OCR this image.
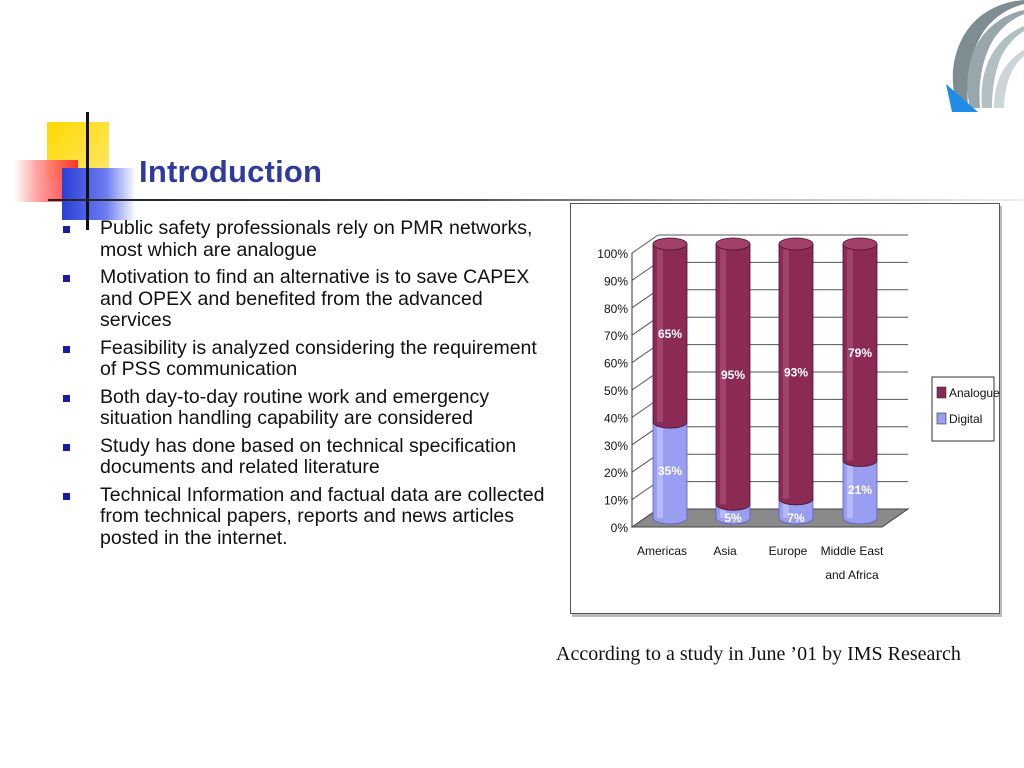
Introduction
Public safety professionals rely on PMR networks, most which are analogue
Motivation to find an alternative is to save CAPEX and OPEX and benefited from the advanced services
Feasibility is analyzed considering the requirement of PSS communication
Both day-to-day routine work and emergency situation handling capability are considered
Study has done based on technical specification documents and related literature
Technical Information and factual data are collected from technical papers, reports and news articles posted in the internet.	0%
10%
20%
30%
40%
50%
60%
70%
80%
90%
100%
65%
35%
Americas
95%
5%
Asia
93%
7%
Europe
79%
21%
Middle East
and Africa
Analogue
Digital
According to a study in June ’01 by IMS Research
